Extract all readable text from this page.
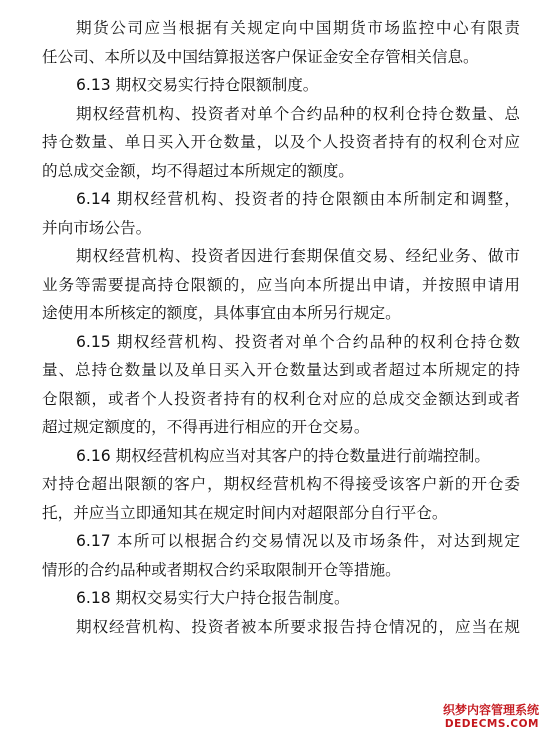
期货公司应当根据有关规定向中国期货市场监控中心有限责
任公司、本所以及中国结算报送客户保证金安全存管相关信息。
6.13 期权交易实行持仓限额制度。
期权经营机构、投资者对单个合约品种的权利仓持仓数量、总
持仓数量、单日买入开仓数量，以及个人投资者持有的权利仓对应
的总成交金额，均不得超过本所规定的额度。
6.14 期权经营机构、投资者的持仓限额由本所制定和调整，
并向市场公告。
期权经营机构、投资者因进行套期保值交易、经纪业务、做市
业务等需要提高持仓限额的，应当向本所提出申请，并按照申请用
途使用本所核定的额度，具体事宜由本所另行规定。
6.15 期权经营机构、投资者对单个合约品种的权利仓持仓数
量、总持仓数量以及单日买入开仓数量达到或者超过本所规定的持
仓限额，或者个人投资者持有的权利仓对应的总成交金额达到或者
超过规定额度的，不得再进行相应的开仓交易。
6.16 期权经营机构应当对其客户的持仓数量进行前端控制。
对持仓超出限额的客户，期权经营机构不得接受该客户新的开仓委
托，并应当立即通知其在规定时间内对超限部分自行平仓。
6.17 本所可以根据合约交易情况以及市场条件，对达到规定
情形的合约品种或者期权合约采取限制开仓等措施。
6.18 期权交易实行大户持仓报告制度。
期权经营机构、投资者被本所要求报告持仓情况的，应当在规
织梦内容管理系统
DEDECMS.COM
